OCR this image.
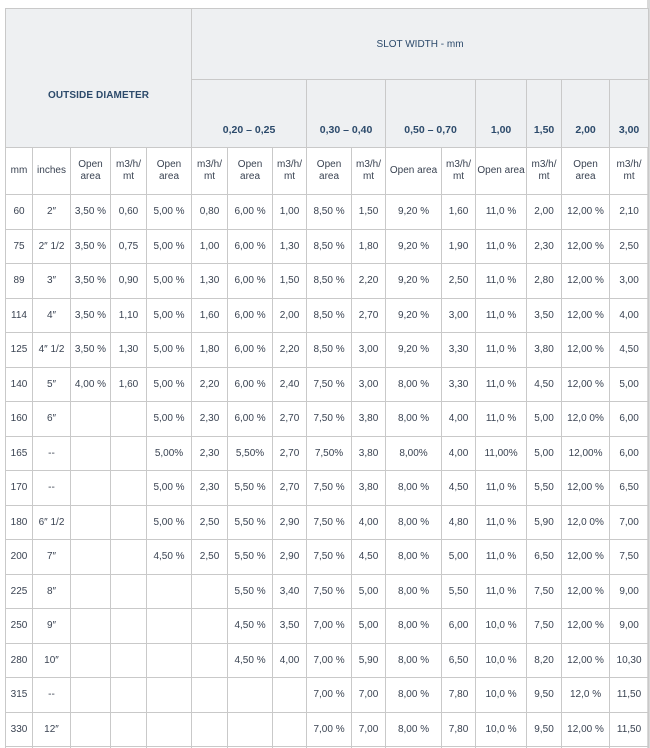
OUTSIDE DIAMETER					SLOT WIDTH - mm										
					0,20 – 0,25			0,30 – 0,40		0,50 – 0,70		1,00	1,50	2,00	3,00
mm	inches	Open area	m3/h/ mt	Open area	m3/h/ mt	Open area	m3/h/ mt	Open area	m3/h/ mt	Open area	m3/h/ mt	Open area	m3/h/ mt	Open area	m3/h/ mt
60	2″	3,50 %	0,60	5,00 %	0,80	6,00 %	1,00	8,50 %	1,50	9,20 %	1,60	11,0 %	2,00	12,00 %	2,10
75	2″ 1/2	3,50 %	0,75	5,00 %	1,00	6,00 %	1,30	8,50 %	1,80	9,20 %	1,90	11,0 %	2,30	12,00 %	2,50
89	3″	3,50 %	0,90	5,00 %	1,30	6,00 %	1,50	8,50 %	2,20	9,20 %	2,50	11,0 %	2,80	12,00 %	3,00
114	4″	3,50 %	1,10	5,00 %	1,60	6,00 %	2,00	8,50 %	2,70	9,20 %	3,00	11,0 %	3,50	12,00 %	4,00
125	4″ 1/2	3,50 %	1,30	5,00 %	1,80	6,00 %	2,20	8,50 %	3,00	9,20 %	3,30	11,0 %	3,80	12,00 %	4,50
140	5″	4,00 %	1,60	5,00 %	2,20	6,00 %	2,40	7,50 %	3,00	8,00 %	3,30	11,0 %	4,50	12,00 %	5,00
160	6″			5,00 %	2,30	6,00 %	2,70	7,50 %	3,80	8,00 %	4,00	11,0 %	5,00	12,0 0%	6,00
165	--			5,00%	2,30	5,50%	2,70	7,50%	3,80	8,00%	4,00	11,00%	5,00	12,00%	6,00
170	--			5,00 %	2,30	5,50 %	2,70	7,50 %	3,80	8,00 %	4,50	11,0 %	5,50	12,00 %	6,50
180	6″ 1/2			5,00 %	2,50	5,50 %	2,90	7,50 %	4,00	8,00 %	4,80	11,0 %	5,90	12,0 0%	7,00
200	7″			4,50 %	2,50	5,50 %	2,90	7,50 %	4,50	8,00 %	5,00	11,0 %	6,50	12,00 %	7,50
225	8″					5,50 %	3,40	7,50 %	5,00	8,00 %	5,50	11,0 %	7,50	12,00 %	9,00
250	9″					4,50 %	3,50	7,00 %	5,00	8,00 %	6,00	10,0 %	7,50	12,00 %	9,00
280	10″					4,50 %	4,00	7,00 %	5,90	8,00 %	6,50	10,0 %	8,20	12,00 %	10,30
315	--							7,00 %	7,00	8,00 %	7,80	10,0 %	9,50	12,0 %	11,50
330	12″							7,00 %	7,00	8,00 %	7,80	10,0 %	9,50	12,00 %	11,50
